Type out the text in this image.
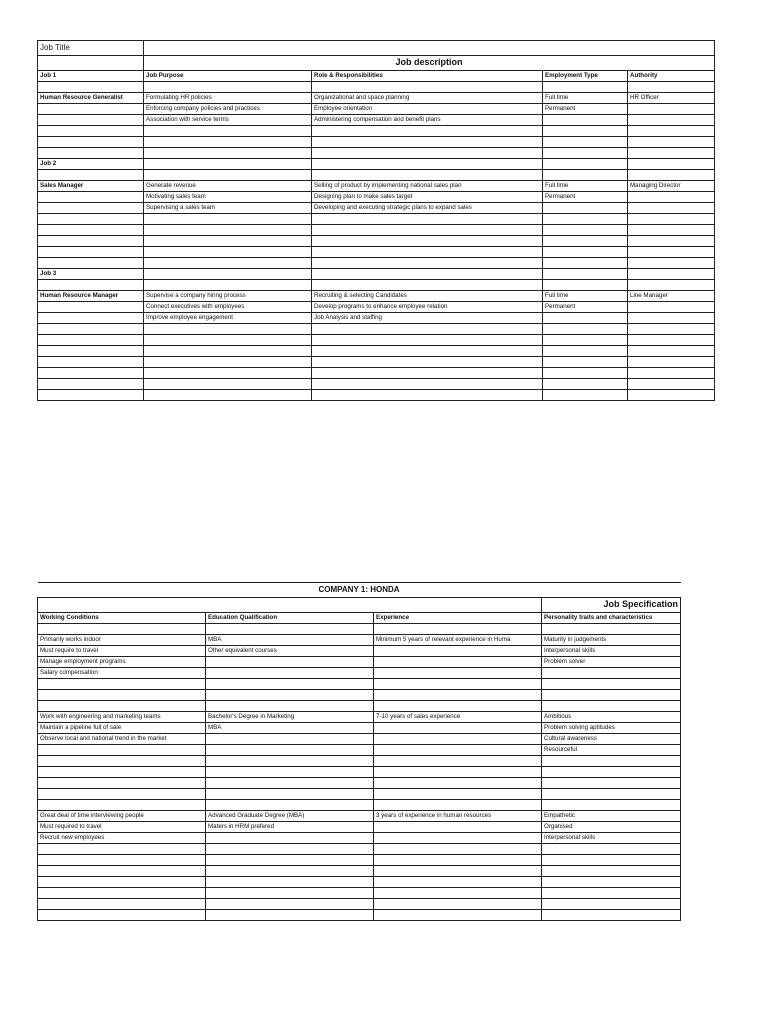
Job Title				
	Job description			
Job 1	Job Purpose	Role & Responsibilities	Employment Type	Authority

Human Resource Generalist	Formulating HR policies	Organizational and space planning	Full time	HR Officer
	Enforcing company policies and practices	Employee orientation	Permanent	
	Association with service terms	Administering compensation and benefit plans		

Job 2				

Sales Manager	Generate revenue	Selling of product by implementing national sales plan	Full time	Managing Director
	Motivating sales team	Designing plan to make sales target	Permanent	
	Supervising a sales team	Developing and executing strategic plans to expand sales		

Job 3				

Human Resource Manager	Supervise a company hiring process	Recruiting & selecting Candidates	Full time	Line Manager
	Connect executives with employees	Develop programs to enhance employee relation	Permanent	
	Improve employee engagement	Job Analysis and staffing		

COMPANY 1: HONDA			
			Job Specification
Working Conditions	Education Qualification	Experience	Personality traits and characteristics

Primarily works indoor	MBA	Minimum 5 years of relevant experience in Huma	Maturity in judgements
Must require to travel	Other equivalent courses		Interpersonal skills
Manage employment programs			Problem solver
Salary compensation			

Work with engineering and marketing teams	Bachelor's Degree in Marketing	7-10 years of sales experience	Ambitious
Maintain a pipeline full of sale	MBA		Problem solving aptitudes
Observe local and national trend in the market			Cultural awareness
			Resourceful

Great deal of time interviewing people	Advanced Graduate Degree (MBA)	3 years of experience in human resources	Empathetic
Must required to travel	Maters in HRM prefered		Organised
Recruit new employees			Interpersonal skills
